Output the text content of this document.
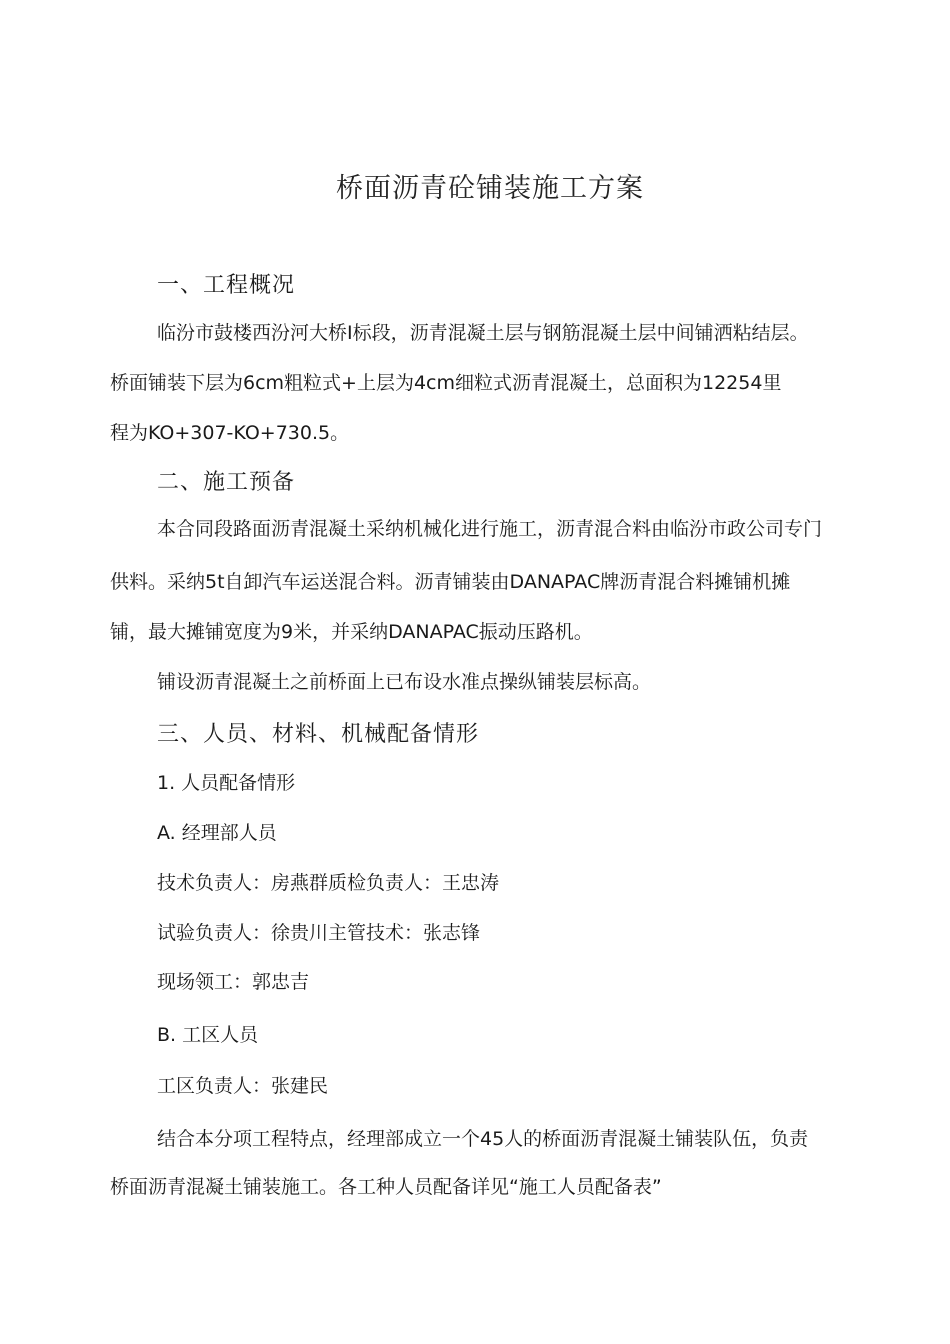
桥面沥青砼铺装施工方案
一、工程概况
临汾市鼓楼西汾河大桥Ⅰ标段，沥青混凝土层与钢筋混凝土层中间铺洒粘结层。
桥面铺装下层为6cm粗粒式+上层为4cm细粒式沥青混凝土，总面积为12254里
程为KO+307-KO+730.5。
二、施工预备
本合同段路面沥青混凝土采纳机械化进行施工，沥青混合料由临汾市政公司专门
供料。采纳5t自卸汽车运送混合料。沥青铺装由DANAPAC牌沥青混合料摊铺机摊
铺，最大摊铺宽度为9米，并采纳DANAPAC振动压路机。
铺设沥青混凝土之前桥面上已布设水准点操纵铺装层标高。
三、人员、材料、机械配备情形
1. 人员配备情形
A. 经理部人员
技术负责人：房燕群质检负责人：王忠涛
试验负责人：徐贵川主管技术：张志锋
现场领工：郭忠吉
B. 工区人员
工区负责人：张建民
结合本分项工程特点，经理部成立一个45人的桥面沥青混凝土铺装队伍，负责
桥面沥青混凝土铺装施工。各工种人员配备详见“施工人员配备表”
